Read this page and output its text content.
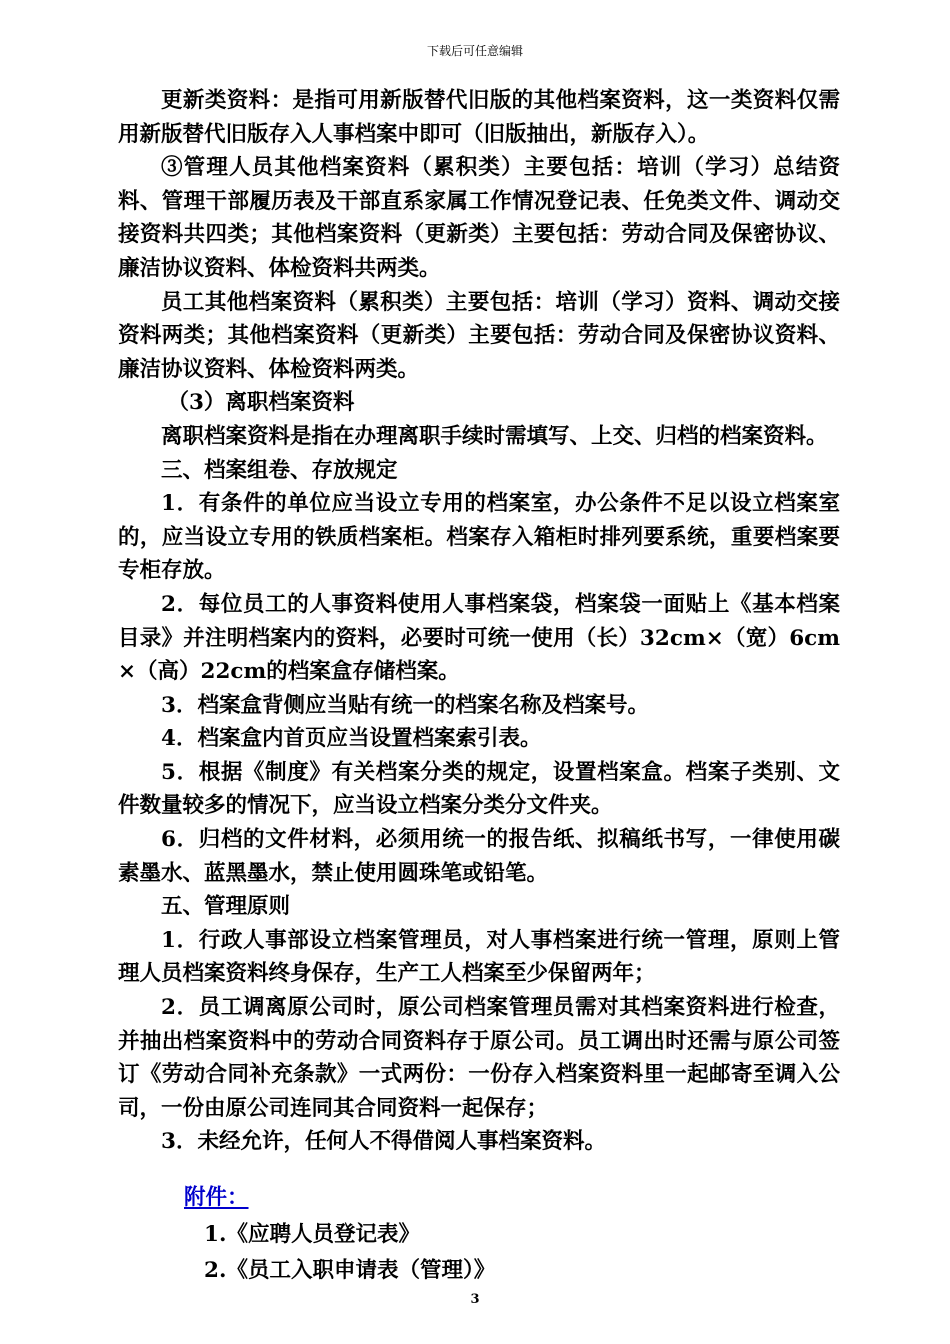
下载后可任意编辑

更新类资料：是指可用新版替代旧版的其他档案资料，这一类资料仅需用新版替代旧版存入人事档案中即可（旧版抽出，新版存入）。

③管理人员其他档案资料（累积类）主要包括：培训（学习）总结资料、管理干部履历表及干部直系家属工作情况登记表、任免类文件、调动交接资料共四类；其他档案资料（更新类）主要包括：劳动合同及保密协议、廉洁协议资料、体检资料共两类。

员工其他档案资料（累积类）主要包括：培训（学习）资料、调动交接资料两类；其他档案资料（更新类）主要包括：劳动合同及保密协议资料、廉洁协议资料、体检资料两类。

（3）离职档案资料

离职档案资料是指在办理离职手续时需填写、上交、归档的档案资料。

三、档案组卷、存放规定

1．有条件的单位应当设立专用的档案室，办公条件不足以设立档案室的，应当设立专用的铁质档案柜。档案存入箱柜时排列要系统，重要档案要专柜存放。

2．每位员工的人事资料使用人事档案袋，档案袋一面贴上《基本档案目录》并注明档案内的资料，必要时可统一使用（长）32cm×（宽）6cm×（高）22cm的档案盒存储档案。

3．档案盒背侧应当贴有统一的档案名称及档案号。

4．档案盒内首页应当设置档案索引表。

5．根据《制度》有关档案分类的规定，设置档案盒。档案子类别、文件数量较多的情况下，应当设立档案分类分文件夹。

6．归档的文件材料，必须用统一的报告纸、拟稿纸书写，一律使用碳素墨水、蓝黑墨水，禁止使用圆珠笔或铅笔。

五、管理原则

1．行政人事部设立档案管理员，对人事档案进行统一管理，原则上管理人员档案资料终身保存，生产工人档案至少保留两年；

2．员工调离原公司时，原公司档案管理员需对其档案资料进行检查，并抽出档案资料中的劳动合同资料存于原公司。员工调出时还需与原公司签订《劳动合同补充条款》一式两份：一份存入档案资料里一起邮寄至调入公司，一份由原公司连同其合同资料一起保存；

3．未经允许，任何人不得借阅人事档案资料。

附件：

1.《应聘人员登记表》

2.《员工入职申请表（管理）》

3
